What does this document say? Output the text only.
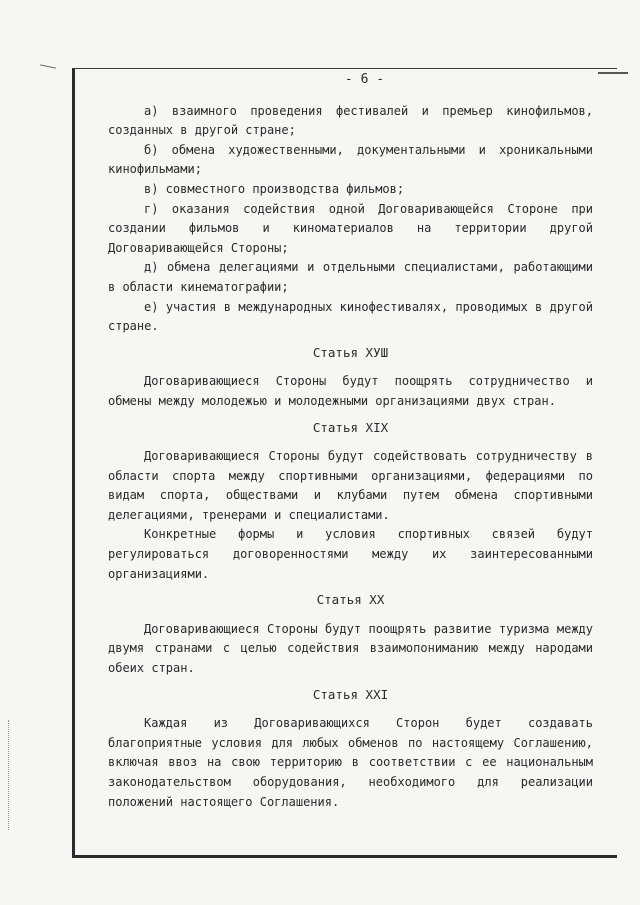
- 6 -

а) взаимного проведения фестивалей и премьер кинофильмов, созданных в другой стране;

б) обмена художественными, документальными и хроникальными кинофильмами;

в) совместного производства фильмов;

г) оказания содействия одной Договаривающейся Стороне при создании фильмов и киноматериалов на территории другой Договаривающейся Стороны;

д) обмена делегациями и отдельными специалистами, работающими в области кинематографии;

е) участия в международных кинофестивалях, проводимых в другой стране.

Статья ХУШ

Договаривающиеся Стороны будут поощрять сотрудничество и обмены между молодежью и молодежными организациями двух стран.

Статья XIX

Договаривающиеся Стороны будут содействовать сотрудничеству в области спорта между спортивными организациями, федерациями по видам спорта, обществами и клубами путем обмена спортивными делегациями, тренерами и специалистами.

Конкретные формы и условия спортивных связей будут регулироваться договоренностями между их заинтересованными организациями.

Статья ХХ

Договаривающиеся Стороны будут поощрять развитие туризма между двумя странами с целью содействия взаимопониманию между народами обеих стран.

Статья XXI

Каждая из Договаривающихся Сторон будет создавать благоприятные условия для любых обменов по настоящему Соглашению, включая ввоз на свою территорию в соответствии с ее национальным законодательством оборудования, необходимого для реализации положений настоящего Соглашения.
